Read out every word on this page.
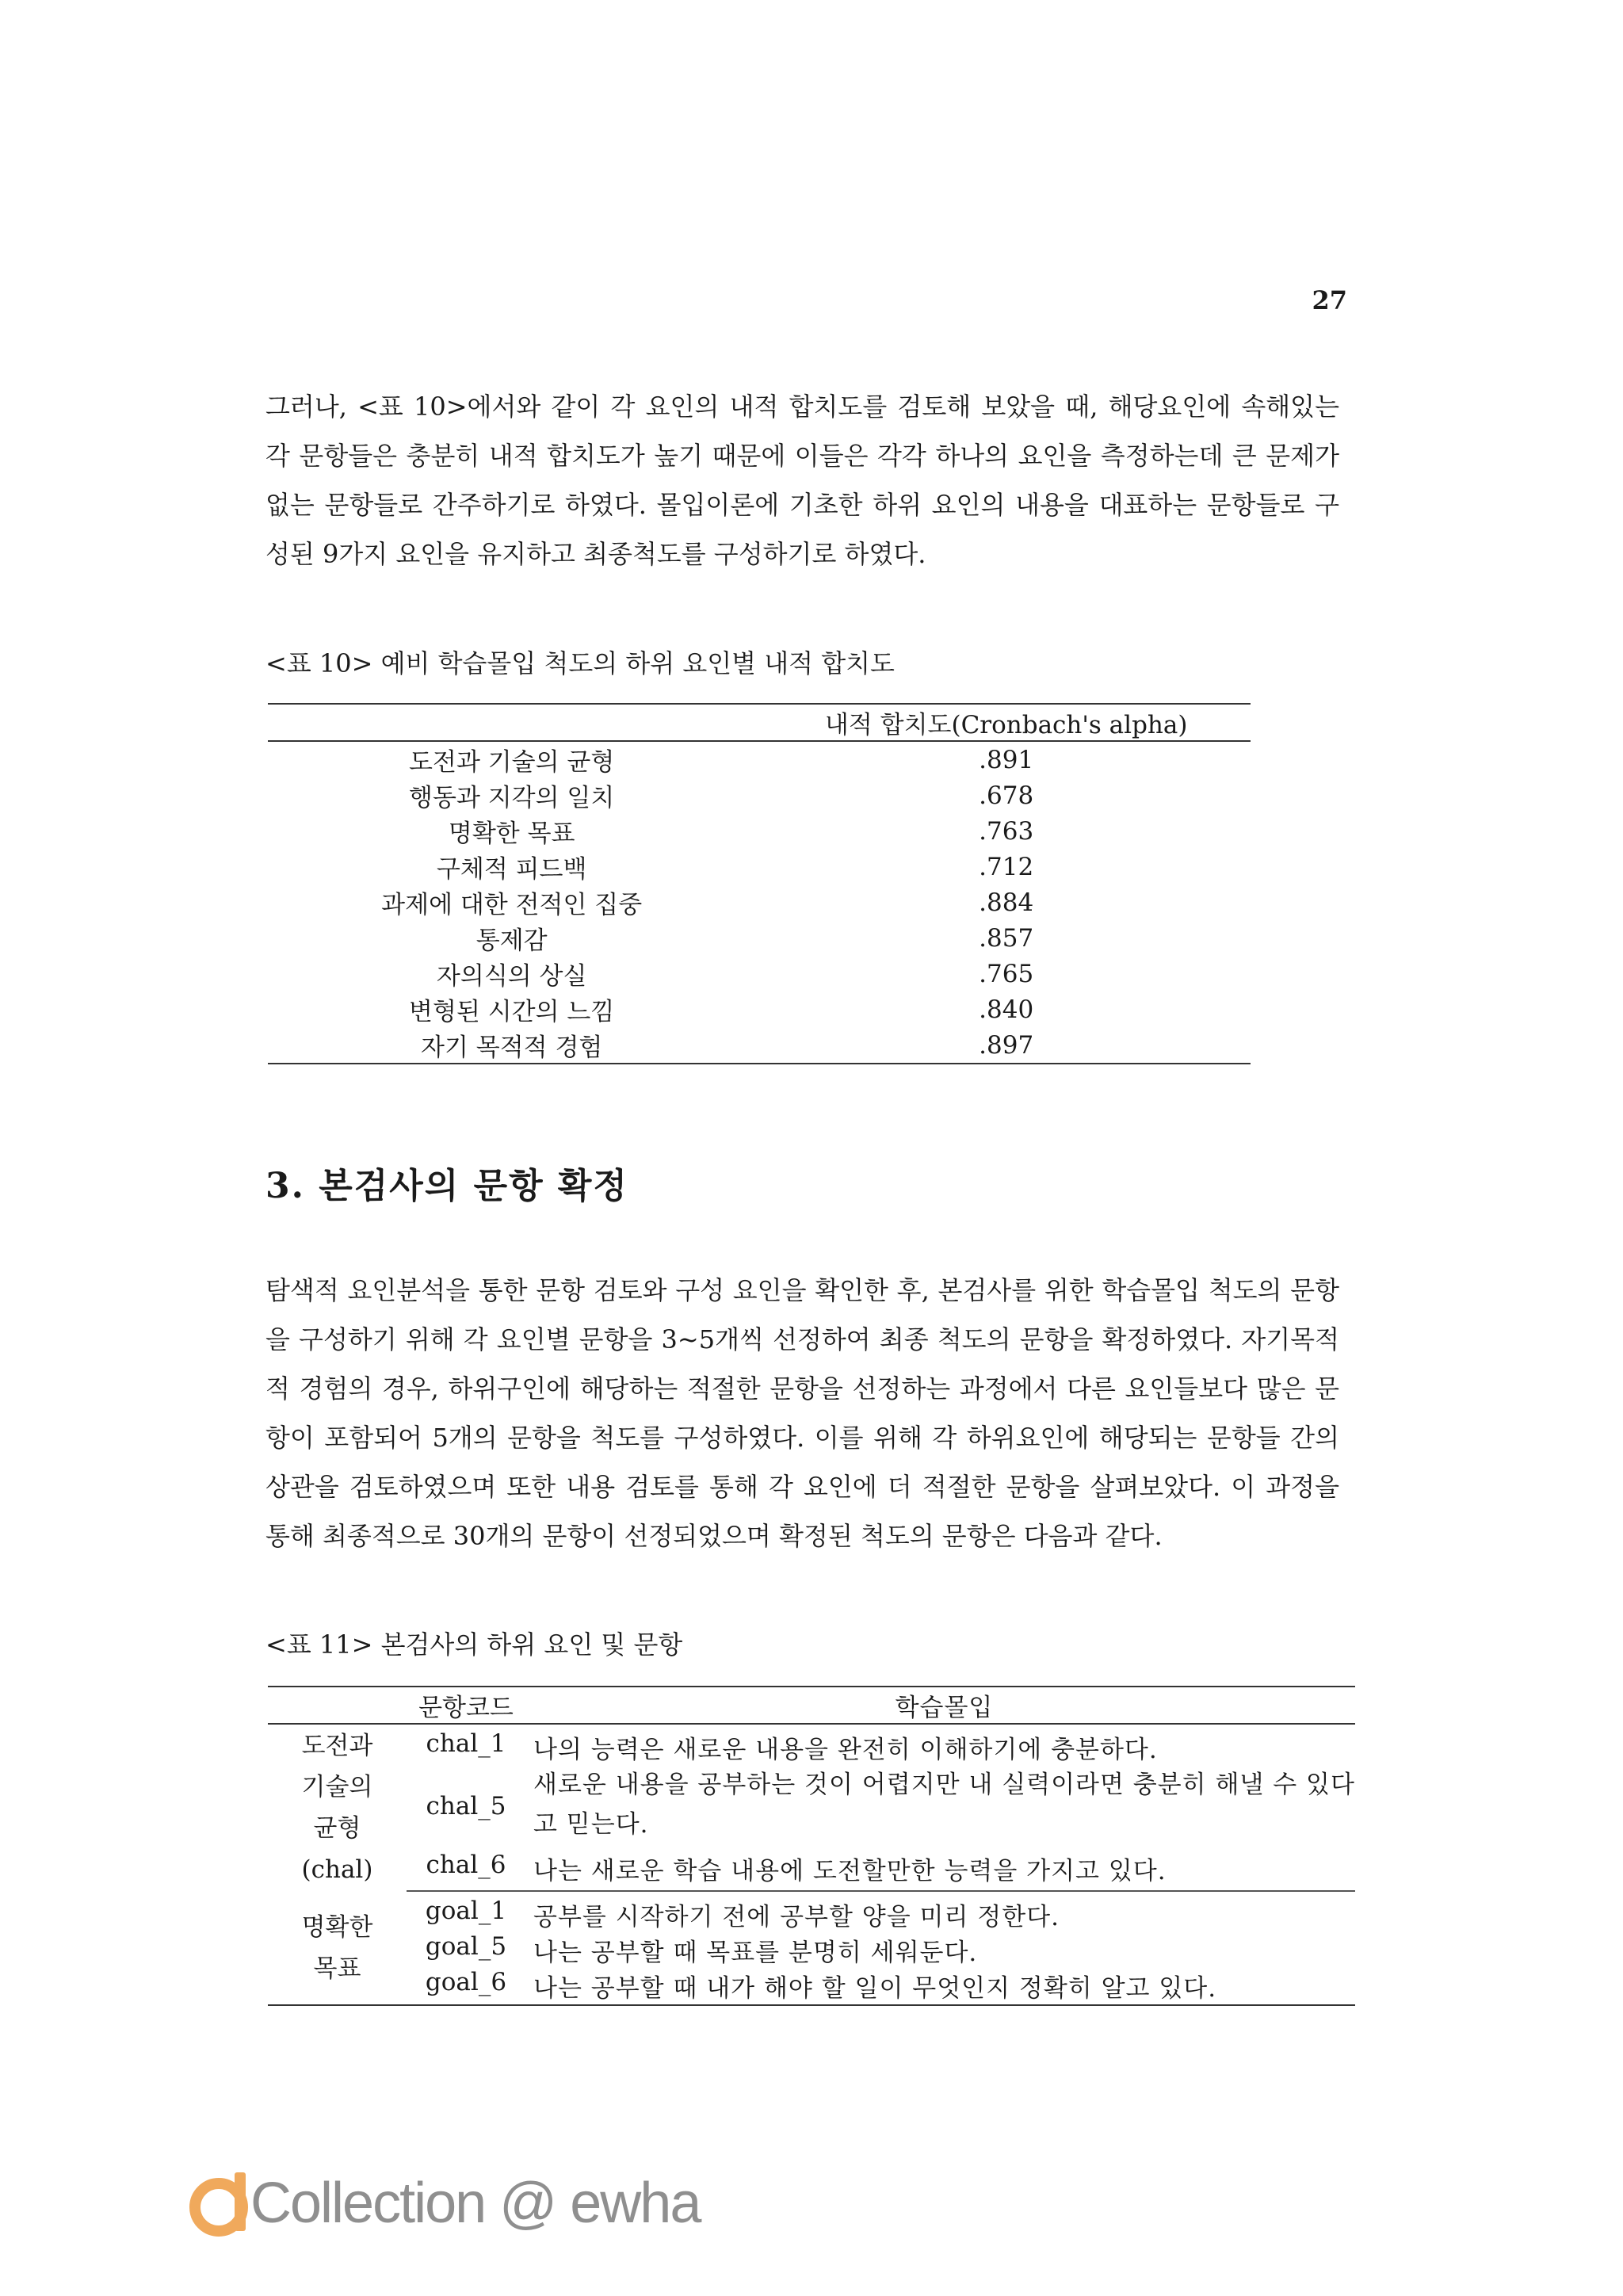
27

그러나, <표 10>에서와 같이 각 요인의 내적 합치도를 검토해 보았을 때, 해당요인에 속해있는 각 문항들은 충분히 내적 합치도가 높기 때문에 이들은 각각 하나의 요인을 측정하는데 큰 문제가 없는 문항들로 간주하기로 하였다. 몰입이론에 기초한 하위 요인의 내용을 대표하는 문항들로 구성된 9가지 요인을 유지하고 최종척도를 구성하기로 하였다.

<표 10> 예비 학습몰입 척도의 하위 요인별 내적 합치도

	내적 합치도(Cronbach's alpha)
도전과 기술의 균형	.891
행동과 지각의 일치	.678
명확한 목표	.763
구체적 피드백	.712
과제에 대한 전적인 집중	.884
통제감	.857
자의식의 상실	.765
변형된 시간의 느낌	.840
자기 목적적 경험	.897
3. 본검사의 문항 확정

탐색적 요인분석을 통한 문항 검토와 구성 요인을 확인한 후, 본검사를 위한 학습몰입 척도의 문항을 구성하기 위해 각 요인별 문항을 3~5개씩 선정하여 최종 척도의 문항을 확정하였다. 자기목적적 경험의 경우, 하위구인에 해당하는 적절한 문항을 선정하는 과정에서 다른 요인들보다 많은 문항이 포함되어 5개의 문항을 척도를 구성하였다. 이를 위해 각 하위요인에 해당되는 문항들 간의 상관을 검토하였으며 또한 내용 검토를 통해 각 요인에 더 적절한 문항을 살펴보았다. 이 과정을 통해 최종적으로 30개의 문항이 선정되었으며 확정된 척도의 문항은 다음과 같다.

<표 11> 본검사의 하위 요인 및 문항

	문항코드	학습몰입
도전과
기술의
균형
(chal)	chal_1	나의 능력은 새로운 내용을 완전히 이해하기에 충분하다.
	chal_5	새로운 내용을 공부하는 것이 어렵지만 내 실력이라면 충분히 해낼 수 있다고 믿는다.
	chal_6	나는 새로운 학습 내용에 도전할만한 능력을 가지고 있다.
명확한
목표	goal_1	공부를 시작하기 전에 공부할 양을 미리 정한다.
	goal_5	나는 공부할 때 목표를 분명히 세워둔다.
	goal_6	나는 공부할 때 내가 해야 할 일이 무엇인지 정확히 알고 있다.
Collection @ ewha
